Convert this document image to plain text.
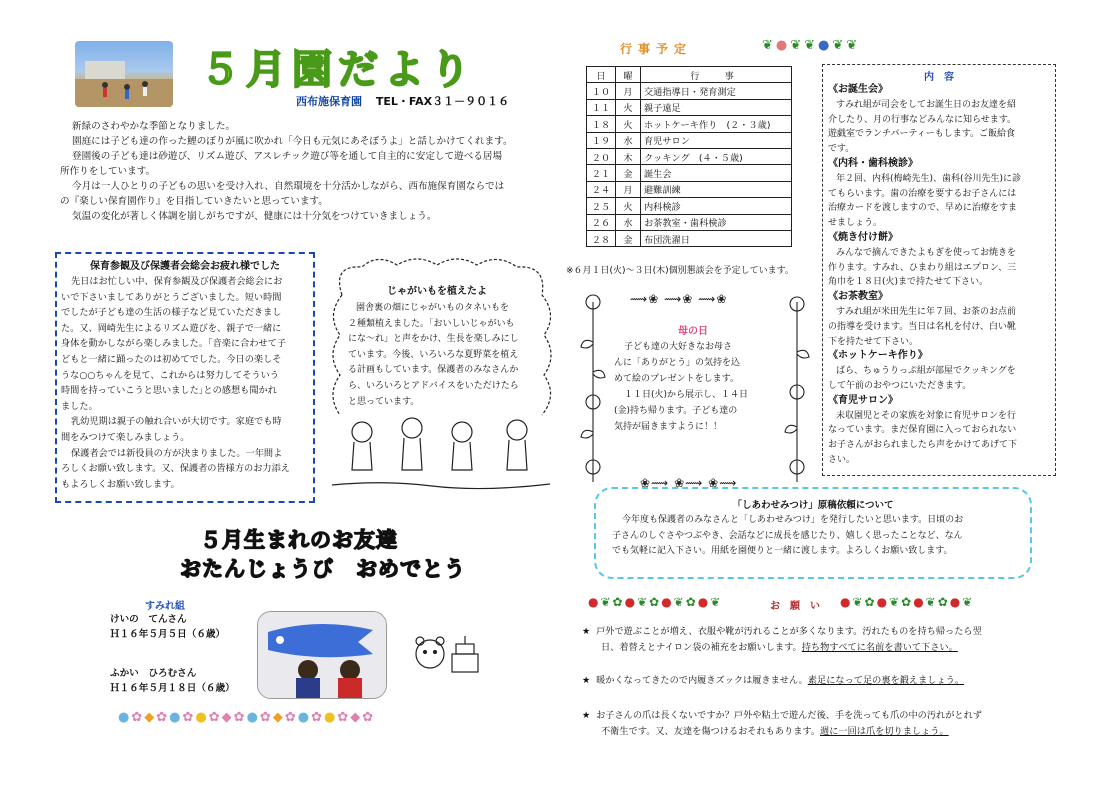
５月園だより
西布施保育園 TEL・FAX３１－９０１６
新緑のさわやかな季節となりました。
園庭には子ども達の作った鯉のぼりが風に吹かれ「今日も元気にあそぼうよ」と話しかけてくれます。
登園後の子ども達は砂遊び、リズム遊び、アスレチック遊び等を通して自主的に安定して遊べる居場
所作りをしています。
今月は一人ひとりの子どもの思いを受け入れ、自然環境を十分活かしながら、西布施保育園ならでは
の『楽しい保育園作り』を目指していきたいと思っています。
気温の変化が著しく体調を崩しがちですが、健康には十分気をつけていきましょう。
保育参観及び保護者会総会お疲れ様でした
先日はお忙しい中、保育参観及び保護者会総会にお
いで下さいましてありがとうございました。短い時間
でしたが子ども達の生活の様子など見ていただきまし
た。又、岡崎先生によるリズム遊びを、親子で一緒に
身体を動かしながら楽しみました。｢音楽に合わせて子
どもと一緒に踊ったのは初めてでした。今日の楽しそ
うな○○ちゃんを見て、これからは努力してそういう
時間を持っていこうと思いました｣との感想も聞かれ
ました。
乳幼児期は親子の触れ合いが大切です。家庭でも時
間をみつけて楽しみましょう。
保護者会では新役員の方が決まりました。一年間よ
ろしくお願い致します。又、保護者の皆様方のお力添え
もよろしくお願い致します。
じゃがいもを植えたよ
園舎裏の畑にじゃがいものタネいもを
２種類植えました。「おいしいじゃがいも
にな～れ」と声をかけ、生長を楽しみにし
ています。今後、いろいろな夏野菜を植え
る計画もしています。保護者のみなさんか
ら、いろいろとアドバイスをいただけたら
と思っています。
５月生まれのお友達
おたんじょうび　おめでとう
すみれ組
けいの　てんさん
Ｈ１６年５月５日（６歳）
ふかい　ひろむさん
Ｈ１６年５月１８日（６歳）
●✿◆✿●✿●✿◆✿●✿◆✿●✿●✿◆✿
行事予定	❦●❦❦●❦❦
日	曜	行　事
１０	月	交通指導日・発育測定
１１	火	親子遠足
１８	火	ホットケーキ作り　(２・３歳)
１９	水	育児サロン
２０	木	クッキング　(４・５歳)
２１	金	誕生会
２４	月	避難訓練
２５	火	内科検診
２６	水	お茶教室・歯科検診
２８	金	布団洗濯日
※６月１日(火)～３日(木)個別懇談会を予定しています。
⟿❀ ⟿❀ ⟿❀
❀⟿ ❀⟿ ❀⟿
母の日
子ども達の大好きなお母さ
んに「ありがとう」の気持を込
めて絵のプレゼントをします。
１１日(火)から展示し、１４日
(金)持ち帰ります。子ども達の
気持が届きますように！！
内　容
《お誕生会》
すみれ組が司会をしてお誕生日のお友達を紹
介したり、月の行事などみんなに知らせます。
遊戯室でランチパーティーもします。ご飯給食
です。
《内科・歯科検診》
年２回、内科(梅崎先生)、歯科(谷川先生)に診
てもらいます。歯の治療を要するお子さんには
治療カードを渡しますので、早めに治療をすま
せましょう。
《焼き付け餅》
みんなで摘んできたよもぎを使ってお焼きを
作ります。すみれ、ひまわり組はエプロン、三
角巾を１８日(火)まで持たせて下さい。
《お茶教室》
すみれ組が米田先生に年７回、お茶のお点前
の指導を受けます。当日は名札を付け、白い靴
下を持たせて下さい。
《ホットケーキ作り》
ばら、ちゅうりっぷ組が部屋でクッキングを
して午前のおやつにいただきます。
《育児サロン》
未収園児とその家族を対象に育児サロンを行
なっています。まだ保育園に入っておられない
お子さんがおられましたら声をかけてあげて下
さい。
「しあわせみつけ」原稿依頼について
今年度も保護者のみなさんと「しあわせみつけ」を発行したいと思います。日頃のお
子さんのしぐさやつぶやき、会話などに成長を感じたり、嬉しく思ったことなど、なん
でも気軽に記入下さい。用紙を園便りと一緒に渡します。よろしくお願い致します。
●❦✿●❦✿●❦✿●❦	お　願　い ●❦✿●❦✿●❦✿●❦
★ 戸外で遊ぶことが増え、衣服や靴が汚れることが多くなります。汚れたものを持ち帰ったら翌
日、着替えとナイロン袋の補充をお願いします。持ち物すべてに名前を書いて下さい。
★ 暖かくなってきたので内履きズックは履きません。素足になって足の裏を鍛えましょう。
★ お子さんの爪は長くないですか？戸外や粘土で遊んだ後、手を洗っても爪の中の汚れがとれず
不衛生です。又、友達を傷つけるおそれもあります。週に一回は爪を切りましょう。
